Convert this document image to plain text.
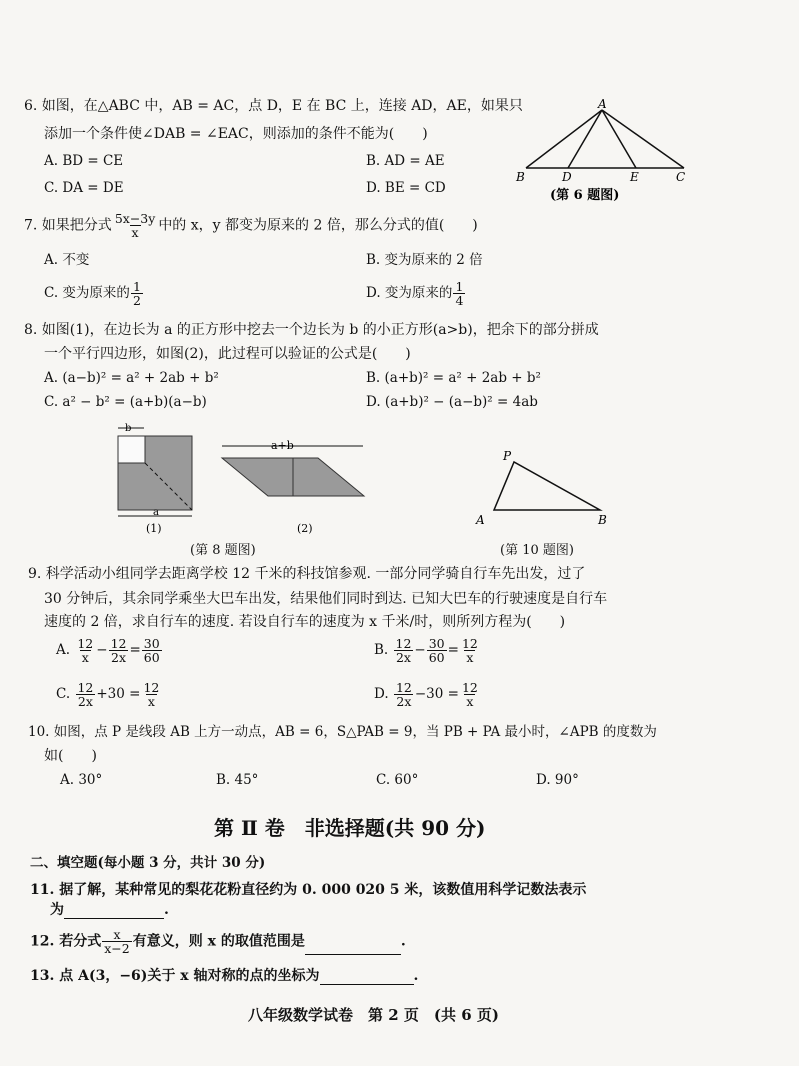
6. 如图，在△ABC 中，AB = AC，点 D，E 在 BC 上，连接 AD，AE，如果只
添加一个条件使∠DAB = ∠EAC，则添加的条件不能为(　　)
A. BD = CE	B. AD = AE
C. DA = DE	D. BE = CD
A
B	D	E	C
(第 6 题图)
7. 如果把分式 $\frac{5x-3y}{x}$ 中的 x，y 都变为原来的 2 倍，那么分式的值(　　)
A. 不变	B. 变为原来的 2 倍
C. 变为原来的 $\frac{1}{2}$	D. 变为原来的 $\frac{1}{4}$
8. 如图(1)，在边长为 a 的正方形中挖去一个边长为 b 的小正方形(a>b)，把余下的部分拼成
一个平行四边形，如图(2)，此过程可以验证的公式是(　　)
A. (a−b)² = a² + 2ab + b²	B. (a+b)² = a² + 2ab + b²
C. a² − b² = (a+b)(a−b)	D. (a+b)² − (a−b)² = 4ab
b
a
(1)
a+b
(2)
(第 8 题图)
P
A	B
(第 10 题图)
9. 科学活动小组同学去距离学校 12 千米的科技馆参观. 一部分同学骑自行车先出发，过了
30 分钟后，其余同学乘坐大巴车出发，结果他们同时到达. 已知大巴车的行驶速度是自行车
速度的 2 倍，求自行车的速度. 若设自行车的速度为 x 千米/时，则所列方程为(　　)
A. $\frac{12}{x} - \frac{12}{2x} = \frac{30}{60}$	B. $\frac{12}{2x} - \frac{30}{60} = \frac{12}{x}$
C. $\frac{12}{2x} +30 = \frac{12}{x}$	D. $\frac{12}{2x} -30 = \frac{12}{x}$
10. 如图，点 P 是线段 AB 上方一动点，AB = 6，S△PAB = 9，当 PB + PA 最小时，∠APB 的度数为
如(　　)
A. 30°	B. 45°	C. 60°	D. 90°
第 Ⅱ 卷　非选择题(共 90 分)
二、填空题(每小题 3 分，共计 30 分)
11. 据了解，某种常见的梨花花粉直径约为 0. 000 020 5 米，该数值用科学记数法表示
为	.
12. 若分式 $\frac{x}{x-2}$ 有意义，则 x 的取值范围是	.
13. 点 A(3，−6)关于 x 轴对称的点的坐标为	.
八年级数学试卷　第 2 页　(共 6 页)
